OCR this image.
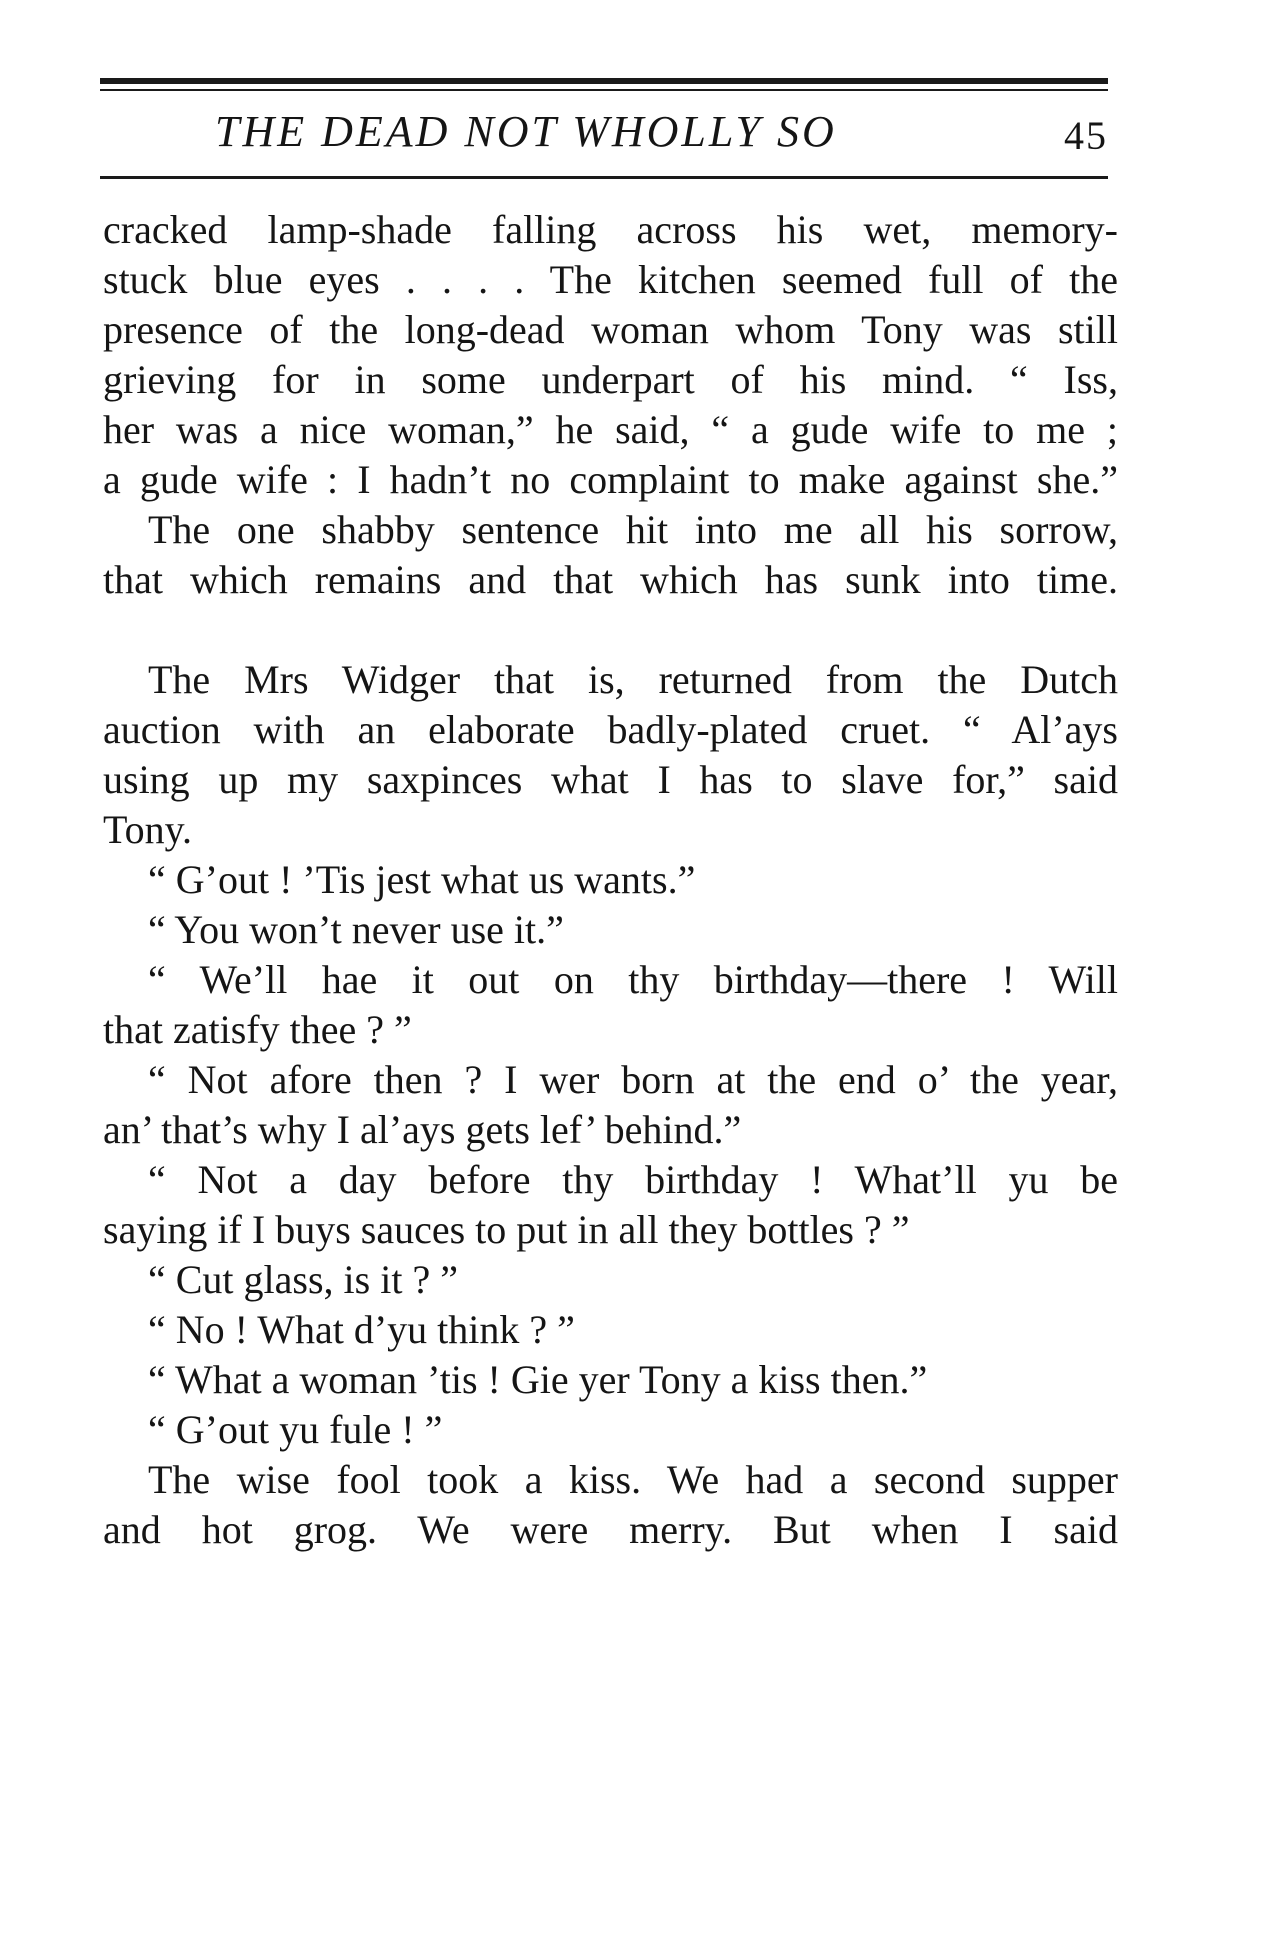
THE DEAD NOT WHOLLY SO	45
cracked lamp-shade falling across his wet, memory-
stuck blue eyes . . . . The kitchen seemed full of the
presence of the long-dead woman whom Tony was still
grieving for in some underpart of his mind. “ Iss,
her was a nice woman,” he said, “ a gude wife to me ;
a gude wife : I hadn’t no complaint to make against she.”
The one shabby sentence hit into me all his sorrow,
that which remains and that which has sunk into time.
The Mrs Widger that is, returned from the Dutch
auction with an elaborate badly-plated cruet. “ Al’ays
using up my saxpinces what I has to slave for,” said
Tony.
“ G’out ! ’Tis jest what us wants.”
“ You won’t never use it.”
“ We’ll hae it out on thy birthday—there ! Will
that zatisfy thee ? ”
“ Not afore then ? I wer born at the end o’ the year,
an’ that’s why I al’ays gets lef’ behind.”
“ Not a day before thy birthday ! What’ll yu be
saying if I buys sauces to put in all they bottles ? ”
“ Cut glass, is it ? ”
“ No ! What d’yu think ? ”
“ What a woman ’tis ! Gie yer Tony a kiss then.”
“ G’out yu fule ! ”
The wise fool took a kiss. We had a second supper
and hot grog. We were merry. But when I said
